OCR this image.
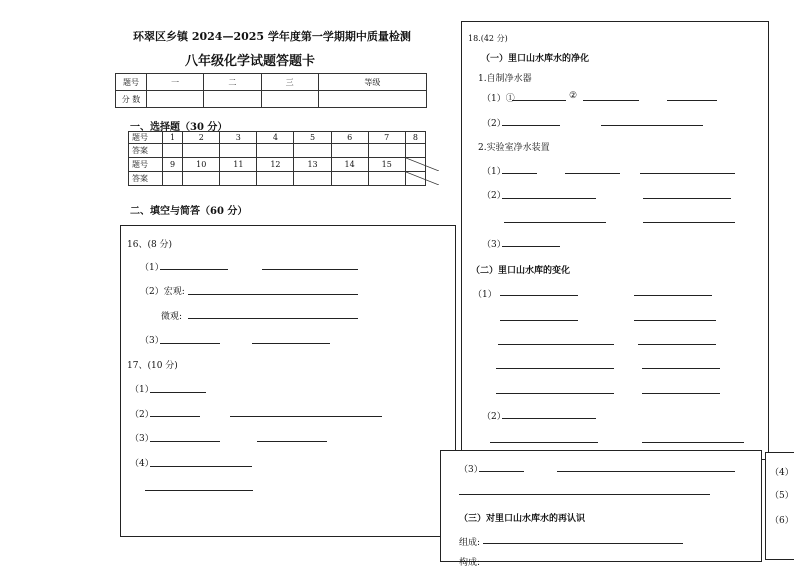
环翠区乡镇 2024—2025 学年度第一学期期中质量检测
八年级化学试题答题卡
题号	一	二	三	等级
分 数				
一、选择题（30 分）
题号	1	2	3	4	5	6	7	8
答案								
题号	9	10	11	12	13	14	15	

答案								
二、填空与简答（60 分）
16、(8 分)
（1）
（2）宏观:
微观:
（3）
17、(10 分)
（1）
（2）
（3）
（4）
18.(42 分)
（一）里口山水库水的净化
1.自制净水器
（1）①	②
（2）
2.实验室净水装置
（1）
（2）
（3）
（二）里口山水库的变化
（1）
（2）
（3）
（三）对里口山水库水的再认识
组成:
构成:
（4）
（5）
（6）
